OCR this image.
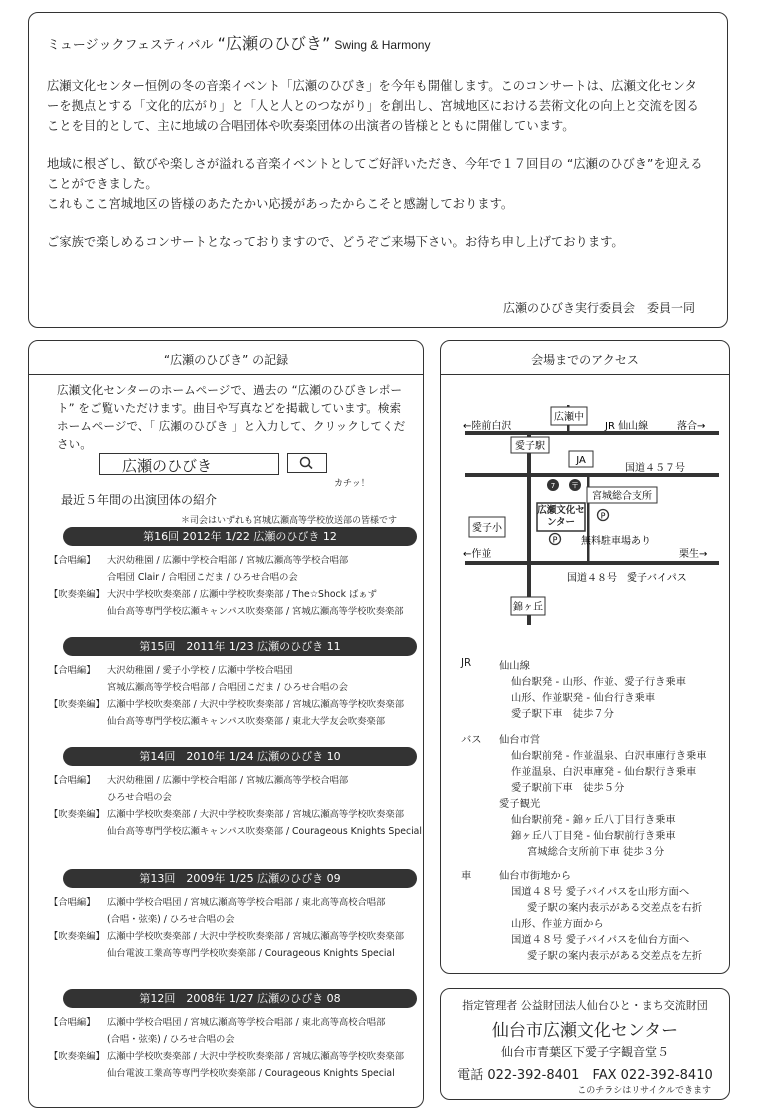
ミュージックフェスティバル “広瀬のひびき” Swing & Harmony

広瀬文化センター恒例の冬の音楽イベント「広瀬のひびき」を今年も開催します。このコンサートは、広瀬文化センターを拠点とする「文化的広がり」と「人と人とのつながり」を創出し、宮城地区における芸術文化の向上と交流を図ることを目的として、主に地域の合唱団体や吹奏楽団体の出演者の皆様とともに開催しています。

地域に根ざし、歓びや楽しさが溢れる音楽イベントとしてご好評いただき、今年で１７回目の “広瀬のひびき”を迎えることができました。
これもここ宮城地区の皆様のあたたかい応援があったからこそと感謝しております。

ご家族で楽しめるコンサートとなっておりますので、どうぞご来場下さい。お待ち申し上げております。

広瀬のひびき実行委員会　委員一同
“広瀬のひびき” の記録
広瀬文化センターのホームページで、過去の “広瀬のひびきレポート” をご覧いただけます。曲目や写真などを掲載しています。検索ホームページで、「 広瀬のひびき 」と入力して、クリックしてください。
広瀬のひびき
カチッ！
最近５年間の出演団体の紹介
＊司会はいずれも宮城広瀬高等学校放送部の皆様です
第16回 2012年 1/22 広瀬のひびき 12
【合唱編】 大沢幼稚園 / 広瀬中学校合唱部 / 宮城広瀬高等学校合唱部
合唱団 Clair / 合唱団こだま / ひろせ合唱の会
【吹奏楽編】 大沢中学校吹奏楽部 / 広瀬中学校吹奏楽部 / The☆Shock ばぁず
仙台高等専門学校広瀬キャンパス吹奏楽部 / 宮城広瀬高等学校吹奏楽部
第15回　2011年 1/23 広瀬のひびき 11
【合唱編】 大沢幼稚園 / 愛子小学校 / 広瀬中学校合唱団
宮城広瀬高等学校合唱部 / 合唱団こだま / ひろせ合唱の会
【吹奏楽編】 広瀬中学校吹奏楽部 / 大沢中学校吹奏楽部 / 宮城広瀬高等学校吹奏楽部
仙台高等専門学校広瀬キャンパス吹奏楽部 / 東北大学友会吹奏楽部
第14回　2010年 1/24 広瀬のひびき 10
【合唱編】 大沢幼稚園 / 広瀬中学校合唱部 / 宮城広瀬高等学校合唱部
ひろせ合唱の会
【吹奏楽編】 広瀬中学校吹奏楽部 / 大沢中学校吹奏楽部 / 宮城広瀬高等学校吹奏楽部
仙台高等専門学校広瀬キャンパス吹奏楽部 / Courageous Knights Special
第13回　2009年 1/25 広瀬のひびき 09
【合唱編】 広瀬中学校合唱団 / 宮城広瀬高等学校合唱部 / 東北高等高校合唱部
(合唱・弦楽) / ひろせ合唱の会
【吹奏楽編】 広瀬中学校吹奏楽部 / 大沢中学校吹奏楽部 / 宮城広瀬高等学校吹奏楽部
仙台電波工業高等専門学校吹奏楽部 / Courageous Knights Special
第12回　2008年 1/27 広瀬のひびき 08
【合唱編】 広瀬中学校合唱団 / 宮城広瀬高等学校合唱部 / 東北高等高校合唱部
(合唱・弦楽) / ひろせ合唱の会
【吹奏楽編】 広瀬中学校吹奏楽部 / 大沢中学校吹奏楽部 / 宮城広瀬高等学校吹奏楽部
仙台電波工業高等専門学校吹奏楽部 / Courageous Knights Special
会場までのアクセス
広瀬中
←陸前白沢	JR 仙山線	落合→
愛子駅
JA
国道４５７号
7 〒
宮城総合支所
広瀬文化センター
P
愛子小
P 無料駐車場あり
←作並	栗生→
国道４８号　愛子バイパス
錦ヶ丘
JR	仙山線
仙台駅発 - 山形、作並、愛子行き乗車
山形、作並駅発 - 仙台行き乗車
愛子駅下車　徒歩７分
バス 仙台市営
仙台駅前発 - 作並温泉、白沢車庫行き乗車
作並温泉、白沢車庫発 - 仙台駅行き乗車
愛子駅前下車　徒歩５分
愛子観光
仙台駅前発 - 錦ヶ丘八丁目行き乗車
錦ヶ丘八丁目発 - 仙台駅前行き乗車
宮城総合支所前下車 徒歩３分
車	仙台市街地から
国道４８号 愛子バイパスを山形方面へ
愛子駅の案内表示がある交差点を右折
山形、作並方面から
国道４８号 愛子バイパスを仙台方面へ
愛子駅の案内表示がある交差点を左折
指定管理者 公益財団法人仙台ひと・まち交流財団
仙台市広瀬文化センター
仙台市青葉区下愛子字観音堂５
電話 022-392-8401　FAX 022-392-8410
このチラシはリサイクルできます
